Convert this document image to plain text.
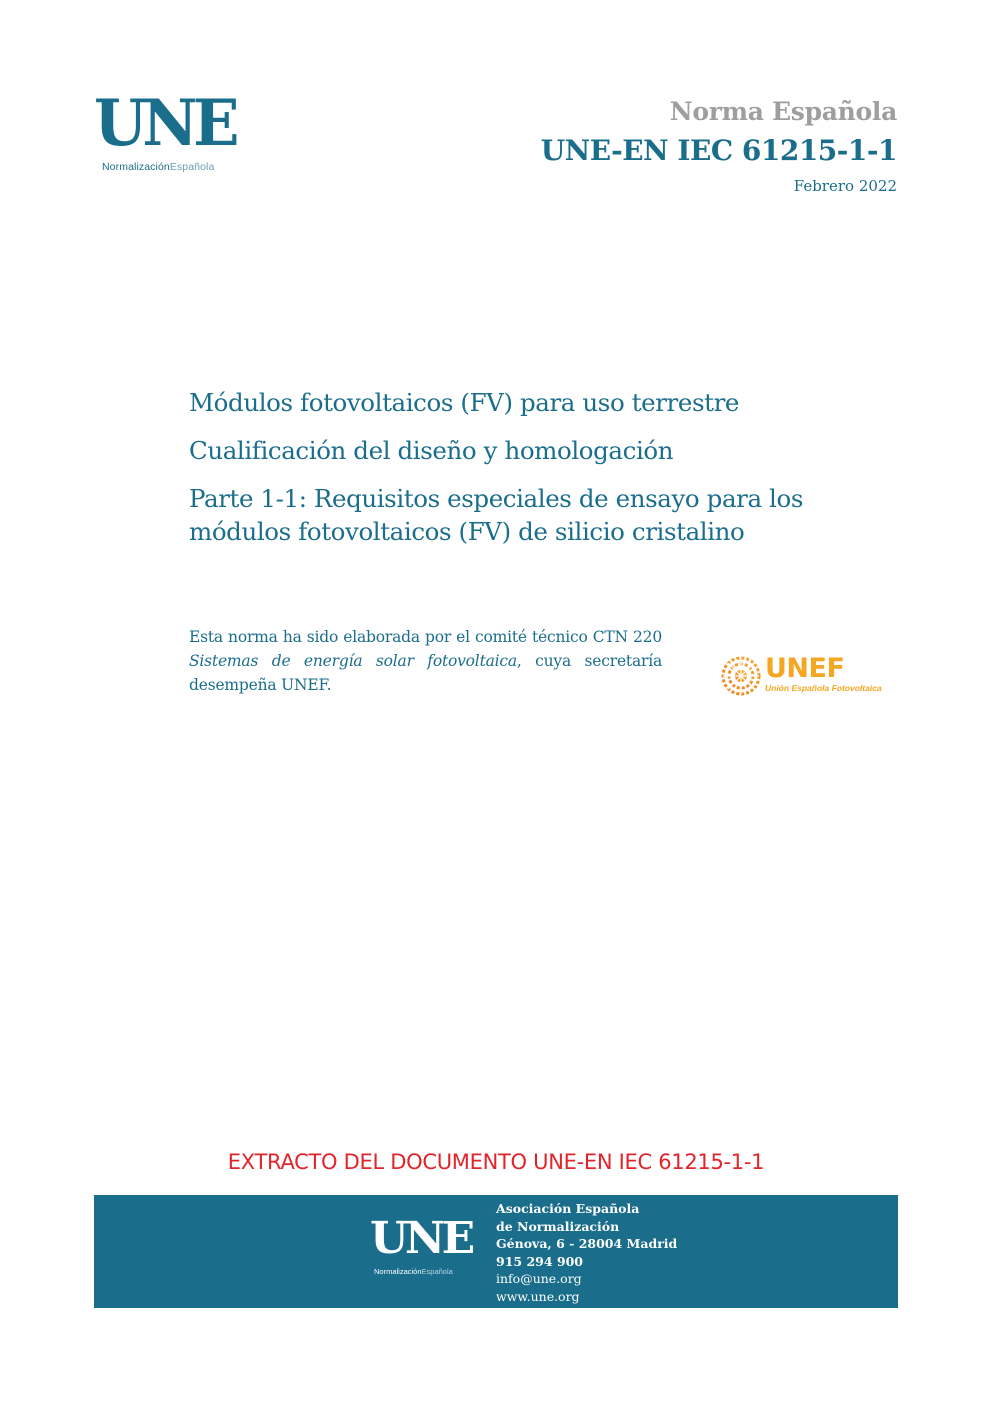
UNE
NormalizaciónEspañola
Norma Española
UNE-EN IEC 61215-1-1
Febrero 2022
Módulos fotovoltaicos (FV) para uso terrestre
Cualificación del diseño y homologación
Parte 1-1: Requisitos especiales de ensayo para los módulos fotovoltaicos (FV) de silicio cristalino
Esta norma ha sido elaborada por el comité técnico CTN 220 Sistemas de energía solar fotovoltaica, cuya secretaría desempeña UNEF.
UNEF
Unión Española Fotovoltaica
EXTRACTO DEL DOCUMENTO UNE-EN IEC 61215-1-1
UNE
NormalizaciónEspañola
Asociación Española
de Normalización
Génova, 6 - 28004 Madrid
915 294 900
info@une.org
www.une.org
